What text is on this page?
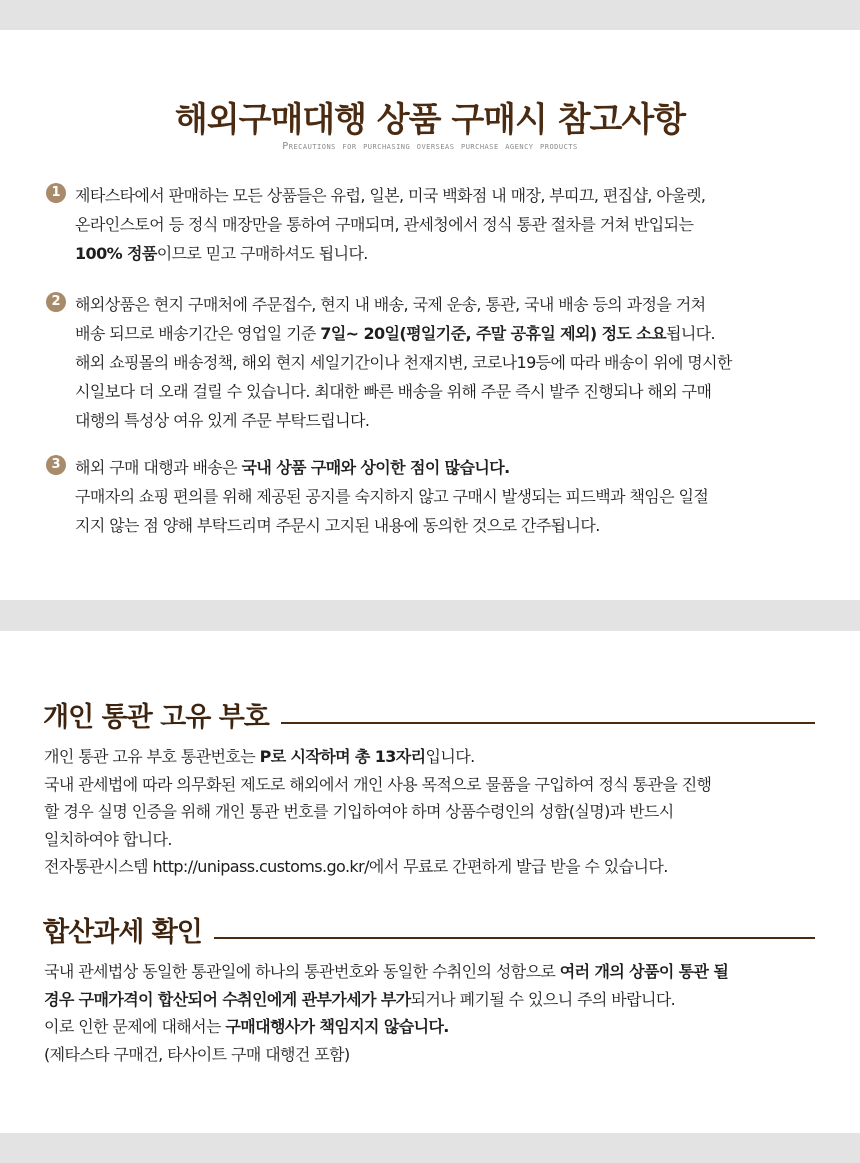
해외구매대행 상품 구매시 참고사항

Precautions for purchasing overseas purchase agency products

1 제타스타에서 판매하는 모든 상품들은 유럽, 일본, 미국 백화점 내 매장, 부띠끄, 편집샵, 아울렛,
온라인스토어 등 정식 매장만을 통하여 구매되며, 관세청에서 정식 통관 절차를 거쳐 반입되는
100% 정품이므로 믿고 구매하셔도 됩니다.

2 해외상품은 현지 구매처에 주문접수, 현지 내 배송, 국제 운송, 통관, 국내 배송 등의 과정을 거쳐
배송 되므로 배송기간은 영업일 기준 7일~ 20일(평일기준, 주말 공휴일 제외) 정도 소요됩니다.
해외 쇼핑몰의 배송정책, 해외 현지 세일기간이나 천재지변, 코로나19등에 따라 배송이 위에 명시한
시일보다 더 오래 걸릴 수 있습니다. 최대한 빠른 배송을 위해 주문 즉시 발주 진행되나 해외 구매
대행의 특성상 여유 있게 주문 부탁드립니다.

3 해외 구매 대행과 배송은 국내 상품 구매와 상이한 점이 많습니다.
구매자의 쇼핑 편의를 위해 제공된 공지를 숙지하지 않고 구매시 발생되는 피드백과 책임은 일절
지지 않는 점 양해 부탁드리며 주문시 고지된 내용에 동의한 것으로 간주됩니다.

개인 통관 고유 부호

개인 통관 고유 부호 통관번호는 P로 시작하며 총 13자리입니다.
국내 관세법에 따라 의무화된 제도로 해외에서 개인 사용 목적으로 물품을 구입하여 정식 통관을 진행
할 경우 실명 인증을 위해 개인 통관 번호를 기입하여야 하며 상품수령인의 성함(실명)과 반드시
일치하여야 합니다.
전자통관시스템 http://unipass.customs.go.kr/에서 무료로 간편하게 발급 받을 수 있습니다.

합산과세 확인

국내 관세법상 동일한 통관일에 하나의 통관번호와 동일한 수취인의 성함으로 여러 개의 상품이 통관 될
경우 구매가격이 합산되어 수취인에게 관부가세가 부가되거나 폐기될 수 있으니 주의 바랍니다.
이로 인한 문제에 대해서는 구매대행사가 책임지지 않습니다.
(제타스타 구매건, 타사이트 구매 대행건 포함)
